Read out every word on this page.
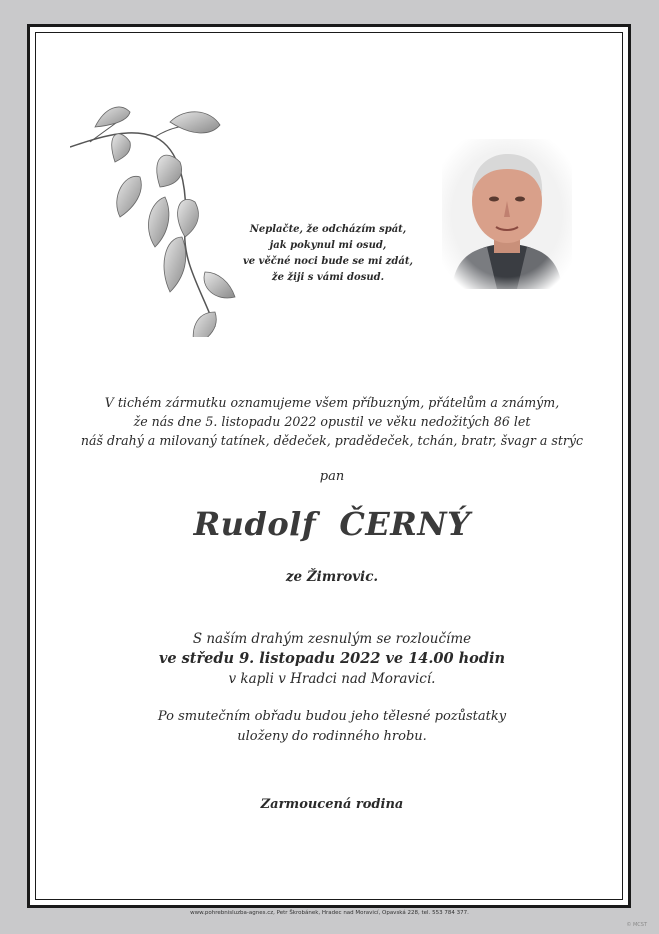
Neplačte, že odcházím spát,
jak pokynul mi osud,
ve věčné noci bude se mi zdát,
že žiji s vámi dosud.
V tichém zármutku oznamujeme všem příbuzným, přátelům a známým,
že nás dne 5. listopadu 2022 opustil ve věku nedožitých 86 let
náš drahý a milovaný tatínek, dědeček, pradědeček, tchán, bratr, švagr a strýc
pan
Rudolf  ČERNÝ
ze Žimrovic.
S naším drahým zesnulým se rozloučíme
ve středu 9. listopadu 2022 ve 14.00 hodin
v kapli v Hradci nad Moravicí.
Po smutečním obřadu budou jeho tělesné pozůstatky
uloženy do rodinného hrobu.
Zarmoucená rodina
www.pohrebnisluzba-agnes.cz, Petr Škrobánek, Hradec nad Moravicí, Opavská 228, tel. 553 784 377.
© MCST
